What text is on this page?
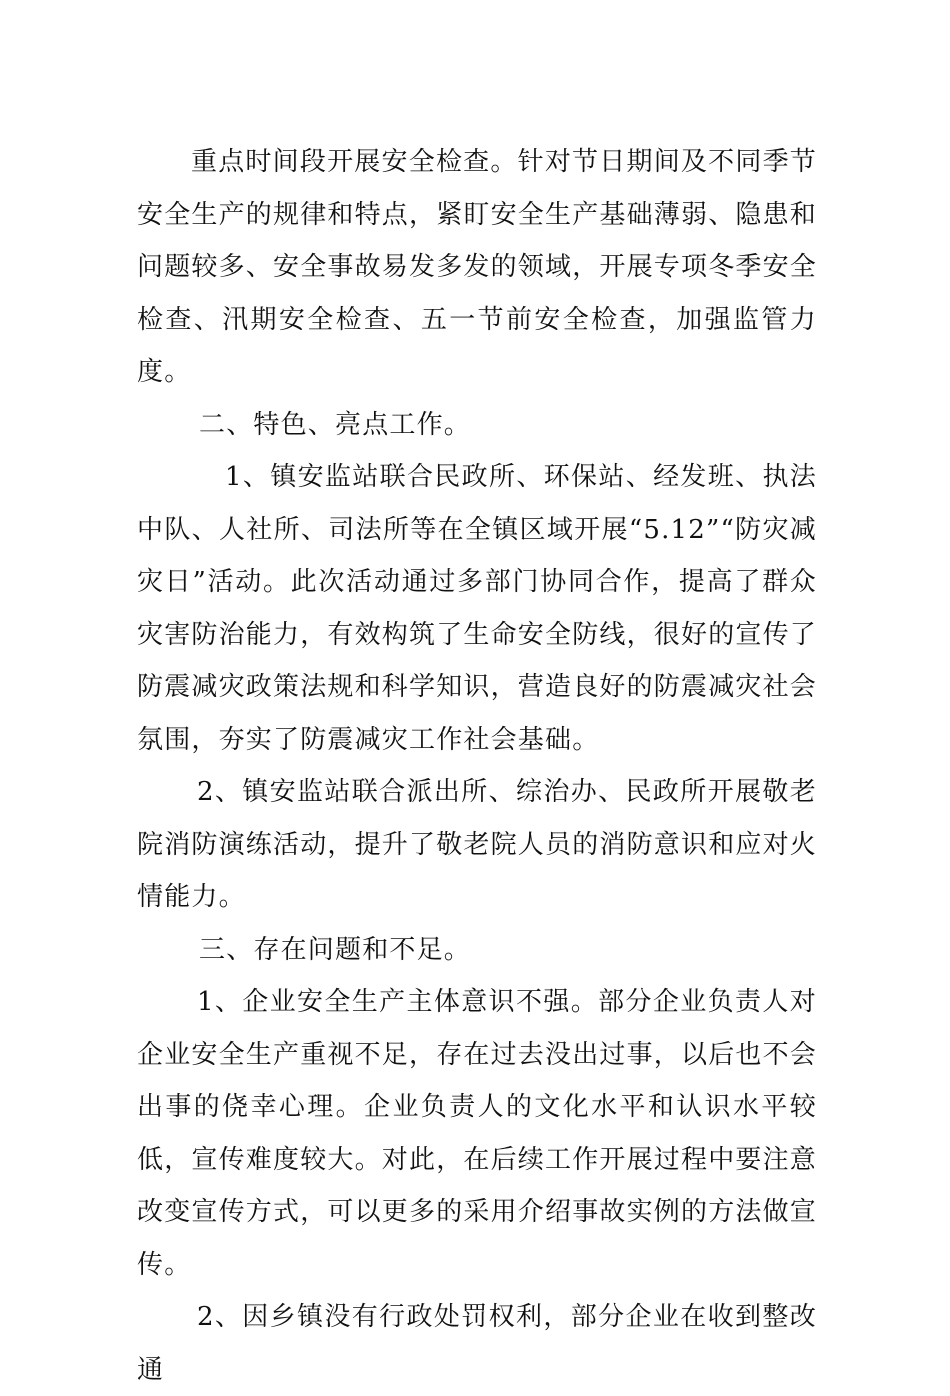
重点时间段开展安全检查。针对节日期间及不同季节安全生产的规律和特点，紧盯安全生产基础薄弱、隐患和问题较多、安全事故易发多发的领域，开展专项冬季安全检查、汛期安全检查、五一节前安全检查，加强监管力度。

二、特色、亮点工作。

1、镇安监站联合民政所、环保站、经发班、执法中队、人社所、司法所等在全镇区域开展“5.12”“防灾减灾日”活动。此次活动通过多部门协同合作，提高了群众灾害防治能力，有效构筑了生命安全防线，很好的宣传了防震减灾政策法规和科学知识，营造良好的防震减灾社会氛围，夯实了防震减灾工作社会基础。

2、镇安监站联合派出所、综治办、民政所开展敬老院消防演练活动，提升了敬老院人员的消防意识和应对火情能力。

三、存在问题和不足。

1、企业安全生产主体意识不强。部分企业负责人对企业安全生产重视不足，存在过去没出过事，以后也不会出事的侥幸心理。企业负责人的文化水平和认识水平较低，宣传难度较大。对此，在后续工作开展过程中要注意改变宣传方式，可以更多的采用介绍事故实例的方法做宣传。

2、因乡镇没有行政处罚权利，部分企业在收到整改通
